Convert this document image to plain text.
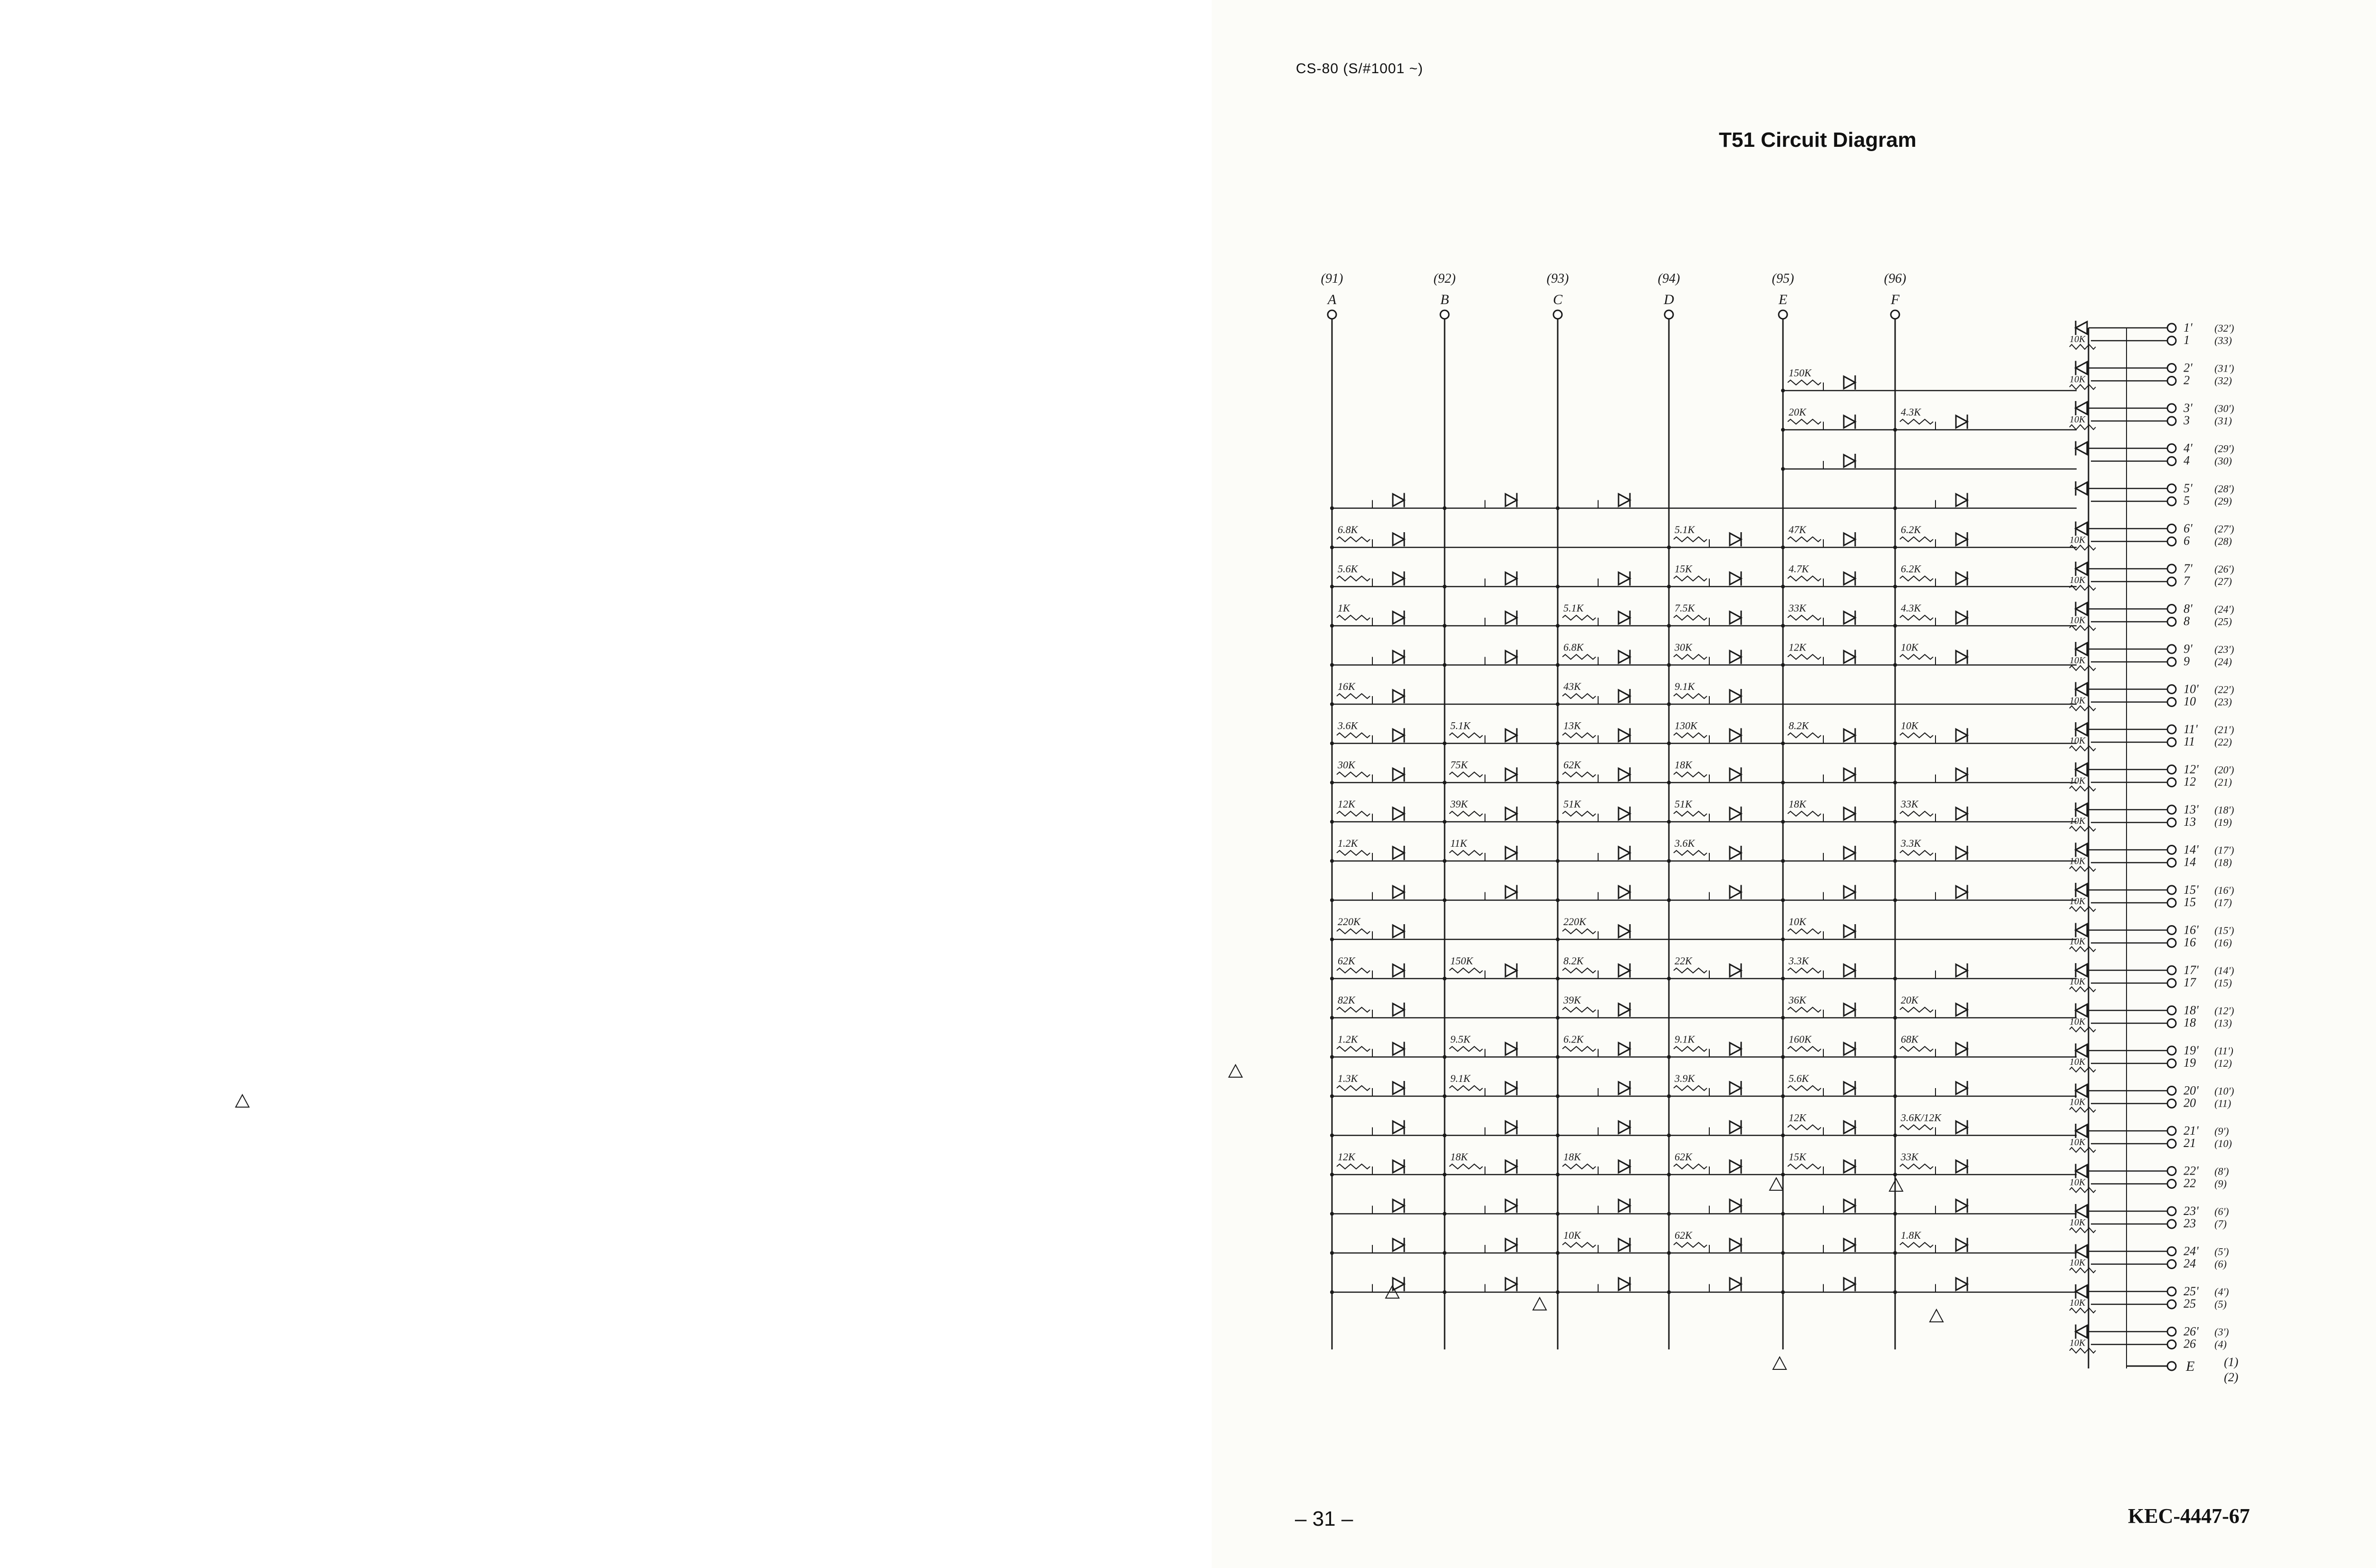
CS-80 (S/#1001 ~)
T51 Circuit Diagram
– 31 –	KEC-4447-67
(91)
A
(92)
B
(93)
C
(94)
D
(95)
E
(96)
F
150K
20K	4.3K
6.8K	5.1K	47K	6.2K
5.6K	15K	4.7K	6.2K
1K	5.1K	7.5K	33K	4.3K
6.8K	30K	12K	10K
16K	43K	9.1K
3.6K	5.1K	13K	130K	8.2K	10K
30K	75K	62K	18K
12K	39K	51K	51K	18K	33K
1.2K	11K	3.6K	3.3K
220K	220K	10K
62K	150K	8.2K	22K	3.3K
82K	39K	36K	20K
1.2K	9.5K	6.2K	9.1K	160K	68K
1.3K	9.1K	3.9K	5.6K
12K	3.6K/12K
12K	18K	18K	62K	15K	33K
10K	62K	1.8K
10K
1'
1
(32')
(33)
10K
2'
2
(31')
(32)
10K
3'
3
(30')
(31)
4'
4
(29')
(30)
5'
5
(28')
(29)
10K
6'
6
(27')
(28)
10K
7'
7
(26')
(27)
10K
8'
8
(24')
(25)
10K
9'
9
(23')
(24)
10K
10'
10
(22')
(23)
10K
11'
11
(21')
(22)
10K
12'
12
(20')
(21)
10K
13'
13
(18')
(19)
10K
14'
14
(17')
(18)
10K
15'
15
(16')
(17)
10K
16'
16
(15')
(16)
10K
17'
17
(14')
(15)
10K
18'
18
(12')
(13)
10K
19'
19
(11')
(12)
10K
20'
20
(10')
(11)
10K
21'
21
(9')
(10)
10K
22'
22
(8')
(9)
10K
23'
23
(6')
(7)
10K
24'
24
(5')
(6)
10K
25'
25
(4')
(5)
10K
26'
26
(3')
(4)
E (1)
(2)
